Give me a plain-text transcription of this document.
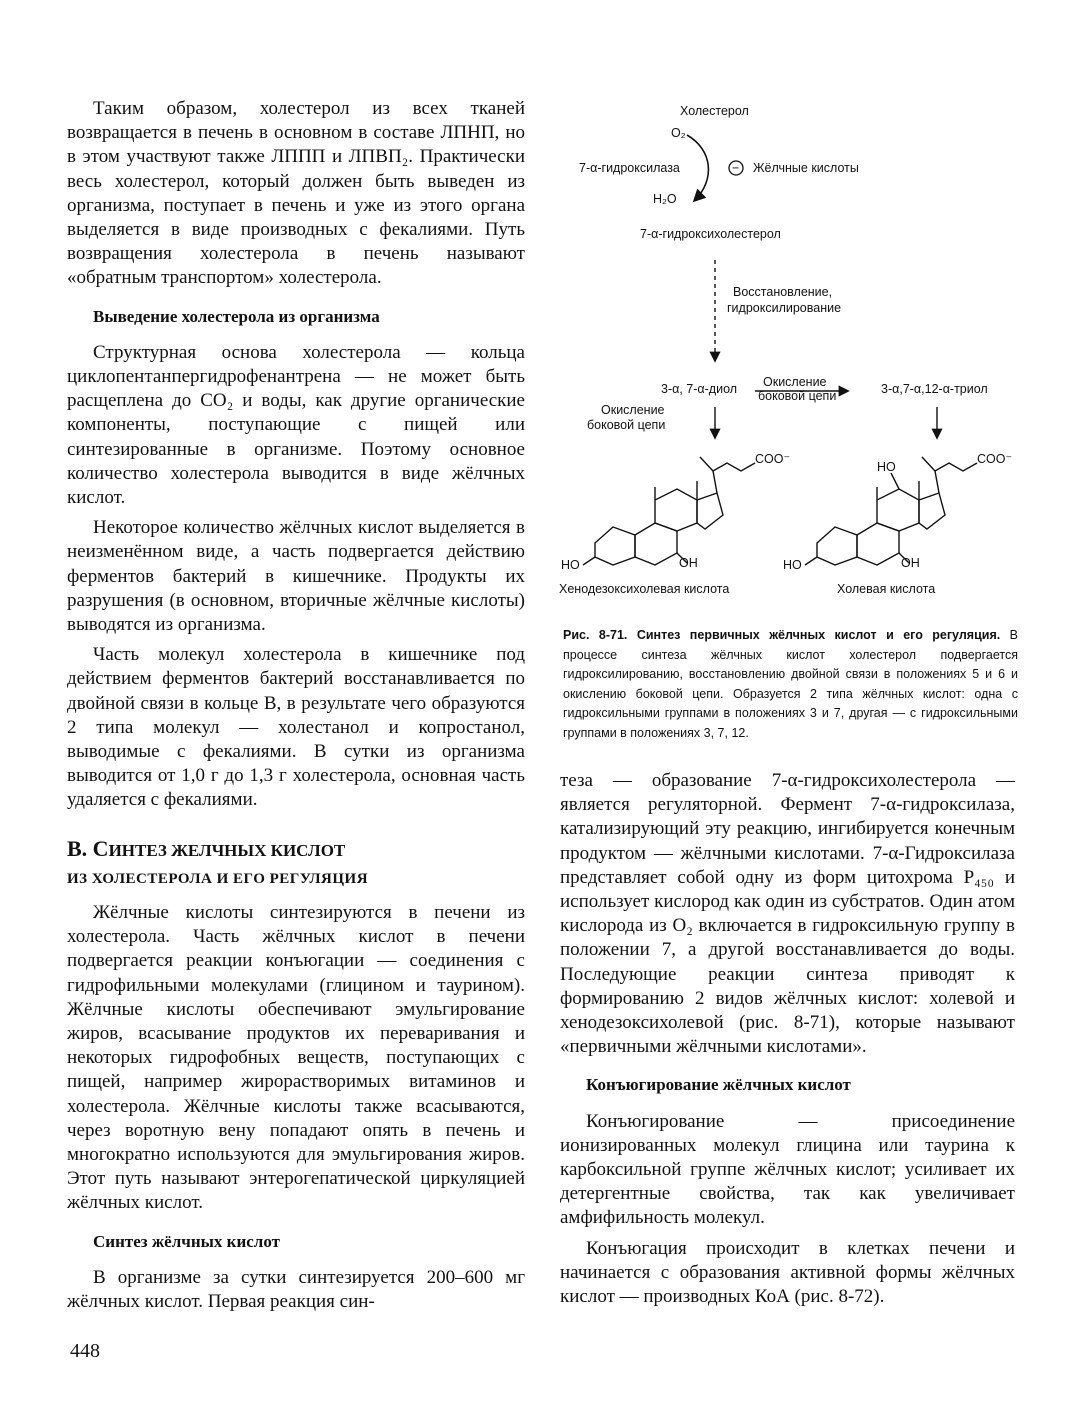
Таким образом, холестерол из всех тканей возвращается в печень в основном в составе ЛПНП, но в этом участвуют также ЛППП и ЛПВП₂. Практически весь холестерол, который должен быть выведен из организма, поступает в печень и уже из этого органа выделяется в виде производных с фекалиями. Путь возвращения холестерола в печень называют «обратным транспортом» холестерола.

Выведение холестерола из организма

Структурная основа холестерола — кольца циклопентанпергидрофенантрена — не может быть расщеплена до CO₂ и воды, как другие органические компоненты, поступающие с пищей или синтезированные в организме. Поэтому основное количество холестерола выводится в виде жёлчных кислот.

Некоторое количество жёлчных кислот выделяется в неизменённом виде, а часть подвергается действию ферментов бактерий в кишечнике. Продукты их разрушения (в основном, вторичные жёлчные кислоты) выводятся из организма.

Часть молекул холестерола в кишечнике под действием ферментов бактерий восстанавливается по двойной связи в кольце В, в результате чего образуются 2 типа молекул — холестанол и копростанол, выводимые с фекалиями. В сутки из организма выводится от 1,0 г до 1,3 г холестерола, основная часть удаляется с фекалиями.

В. СИНТЕЗ ЖЕЛЧНЫХ КИСЛОТ
ИЗ ХОЛЕСТЕРОЛА И ЕГО РЕГУЛЯЦИЯ

Жёлчные кислоты синтезируются в печени из холестерола. Часть жёлчных кислот в печени подвергается реакции конъюгации — соединения с гидрофильными молекулами (глицином и таурином). Жёлчные кислоты обеспечивают эмульгирование жиров, всасывание продуктов их переваривания и некоторых гидрофобных веществ, поступающих с пищей, например жирорастворимых витаминов и холестерола. Жёлчные кислоты также всасываются, через воротную вену попадают опять в печень и многократно используются для эмульгирования жиров. Этот путь называют энтерогепатической циркуляцией жёлчных кислот.

Синтез жёлчных кислот

В организме за сутки синтезируется 200–600 мг жёлчных кислот. Первая реакция син-

Холестерол
O₂
7-α-гидроксилаза	− Жёлчные кислоты
H₂O
7-α-гидроксихолестерол
Восстановление,
гидроксилирование
3-α, 7-α-диол Окисление
боковой цепи	3-α,7-α,12-α-триол
Окисление
боковой цепи
COO⁻
HO	OH
Хенодезоксихолевая кислота
HO
COO⁻
HO	OH
Холевая кислота
Рис. 8-71. Синтез первичных жёлчных кислот и его регуляция. В процессе синтеза жёлчных кислот холестерол подвергается гидроксилированию, восстановлению двойной связи в положениях 5 и 6 и окислению боковой цепи. Образуется 2 типа жёлчных кислот: одна с гидроксильными группами в положениях 3 и 7, другая — с гидроксильными группами в положениях 3, 7, 12.

теза — образование 7-α-гидроксихолестерола — является регуляторной. Фермент 7-α-гидроксилаза, катализирующий эту реакцию, ингибируется конечным продуктом — жёлчными кислотами. 7-α-Гидроксилаза представляет собой одну из форм цитохрома P₄₅₀ и использует кислород как один из субстратов. Один атом кислорода из O₂ включается в гидроксильную группу в положении 7, а другой восстанавливается до воды. Последующие реакции синтеза приводят к формированию 2 видов жёлчных кислот: холевой и хенодезоксихолевой (рис. 8-71), которые называют «первичными жёлчными кислотами».

Конъюгирование жёлчных кислот

Конъюгирование — присоединение ионизированных молекул глицина или таурина к карбоксильной группе жёлчных кислот; усиливает их детергентные свойства, так как увеличивает амфифильность молекул.

Конъюгация происходит в клетках печени и начинается с образования активной формы жёлчных кислот — производных КоА (рис. 8-72).

448
